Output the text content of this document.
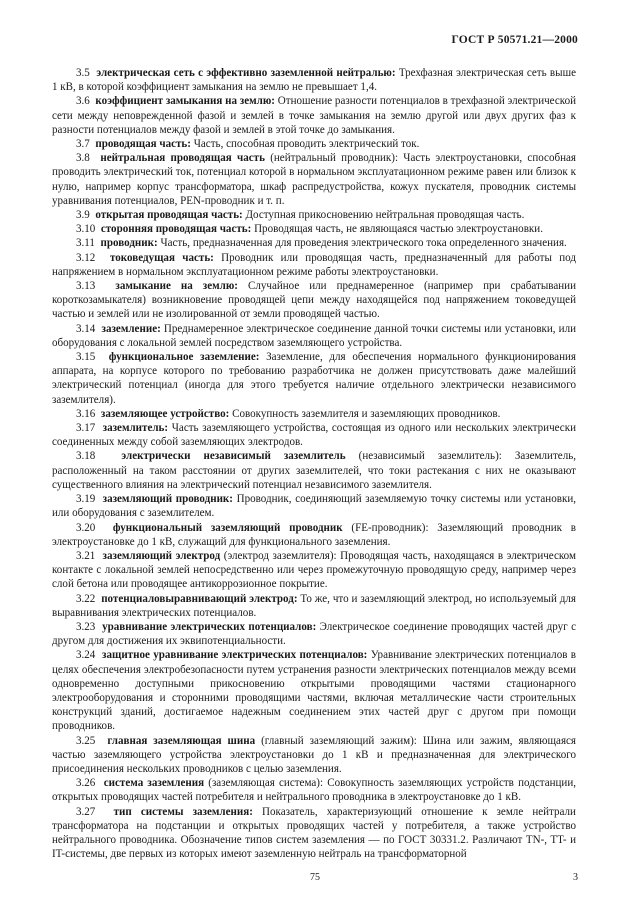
ГОСТ Р 50571.21—2000

3.5 электрическая сеть с эффективно заземленной нейтралью: Трехфазная электрическая сеть выше 1 кВ, в которой коэффициент замыкания на землю не превышает 1,4.

3.6 коэффициент замыкания на землю: Отношение разности потенциалов в трехфазной электрической сети между неповрежденной фазой и землей в точке замыкания на землю другой или двух других фаз к разности потенциалов между фазой и землей в этой точке до замыкания.

3.7 проводящая часть: Часть, способная проводить электрический ток.

3.8 нейтральная проводящая часть (нейтральный проводник): Часть электроустановки, способная проводить электрический ток, потенциал которой в нормальном эксплуатационном режиме равен или близок к нулю, например корпус трансформатора, шкаф распредустройства, кожух пускателя, проводник системы уравнивания потенциалов, PEN-проводник и т. п.

3.9 открытая проводящая часть: Доступная прикосновению нейтральная проводящая часть.

3.10 сторонняя проводящая часть: Проводящая часть, не являющаяся частью электроустановки.

3.11 проводник: Часть, предназначенная для проведения электрического тока определенного значения.

3.12 токоведущая часть: Проводник или проводящая часть, предназначенный для работы под напряжением в нормальном эксплуатационном режиме работы электроустановки.

3.13 замыкание на землю: Случайное или преднамеренное (например при срабатывании короткозамыкателя) возникновение проводящей цепи между находящейся под напряжением токоведущей частью и землей или не изолированной от земли проводящей частью.

3.14 заземление: Преднамеренное электрическое соединение данной точки системы или установки, или оборудования с локальной землей посредством заземляющего устройства.

3.15 функциональное заземление: Заземление, для обеспечения нормального функционирования аппарата, на корпусе которого по требованию разработчика не должен присутствовать даже малейший электрический потенциал (иногда для этого требуется наличие отдельного электрически независимого заземлителя).

3.16 заземляющее устройство: Совокупность заземлителя и заземляющих проводников.

3.17 заземлитель: Часть заземляющего устройства, состоящая из одного или нескольких электрически соединенных между собой заземляющих электродов.

3.18 электрически независимый заземлитель (независимый заземлитель): Заземлитель, расположенный на таком расстоянии от других заземлителей, что токи растекания с них не оказывают существенного влияния на электрический потенциал независимого заземлителя.

3.19 заземляющий проводник: Проводник, соединяющий заземляемую точку системы или установки, или оборудования с заземлителем.

3.20 функциональный заземляющий проводник (FE-проводник): Заземляющий проводник в электроустановке до 1 кВ, служащий для функционального заземления.

3.21 заземляющий электрод (электрод заземлителя): Проводящая часть, находящаяся в электрическом контакте с локальной землей непосредственно или через промежуточную проводящую среду, например через слой бетона или проводящее антикоррозионное покрытие.

3.22 потенциаловыравнивающий электрод: То же, что и заземляющий электрод, но используемый для выравнивания электрических потенциалов.

3.23 уравнивание электрических потенциалов: Электрическое соединение проводящих частей друг с другом для достижения их эквипотенциальности.

3.24 защитное уравнивание электрических потенциалов: Уравнивание электрических потенциалов в целях обеспечения электробезопасности путем устранения разности электрических потенциалов между всеми одновременно доступными прикосновению открытыми проводящими частями стационарного электрооборудования и сторонними проводящими частями, включая металлические части строительных конструкций зданий, достигаемое надежным соединением этих частей друг с другом при помощи проводников.

3.25 главная заземляющая шина (главный заземляющий зажим): Шина или зажим, являющаяся частью заземляющего устройства электроустановки до 1 кВ и предназначенная для электрического присоединения нескольких проводников с целью заземления.

3.26 система заземления (заземляющая система): Совокупность заземляющих устройств подстанции, открытых проводящих частей потребителя и нейтрального проводника в электроустановке до 1 кВ.

3.27 тип системы заземления: Показатель, характеризующий отношение к земле нейтрали трансформатора на подстанции и открытых проводящих частей у потребителя, а также устройство нейтрального проводника. Обозначение типов систем заземления — по ГОСТ 30331.2. Различают TN-, TT- и IT-системы, две первых из которых имеют заземленную нейтраль на трансформаторной

75	3
